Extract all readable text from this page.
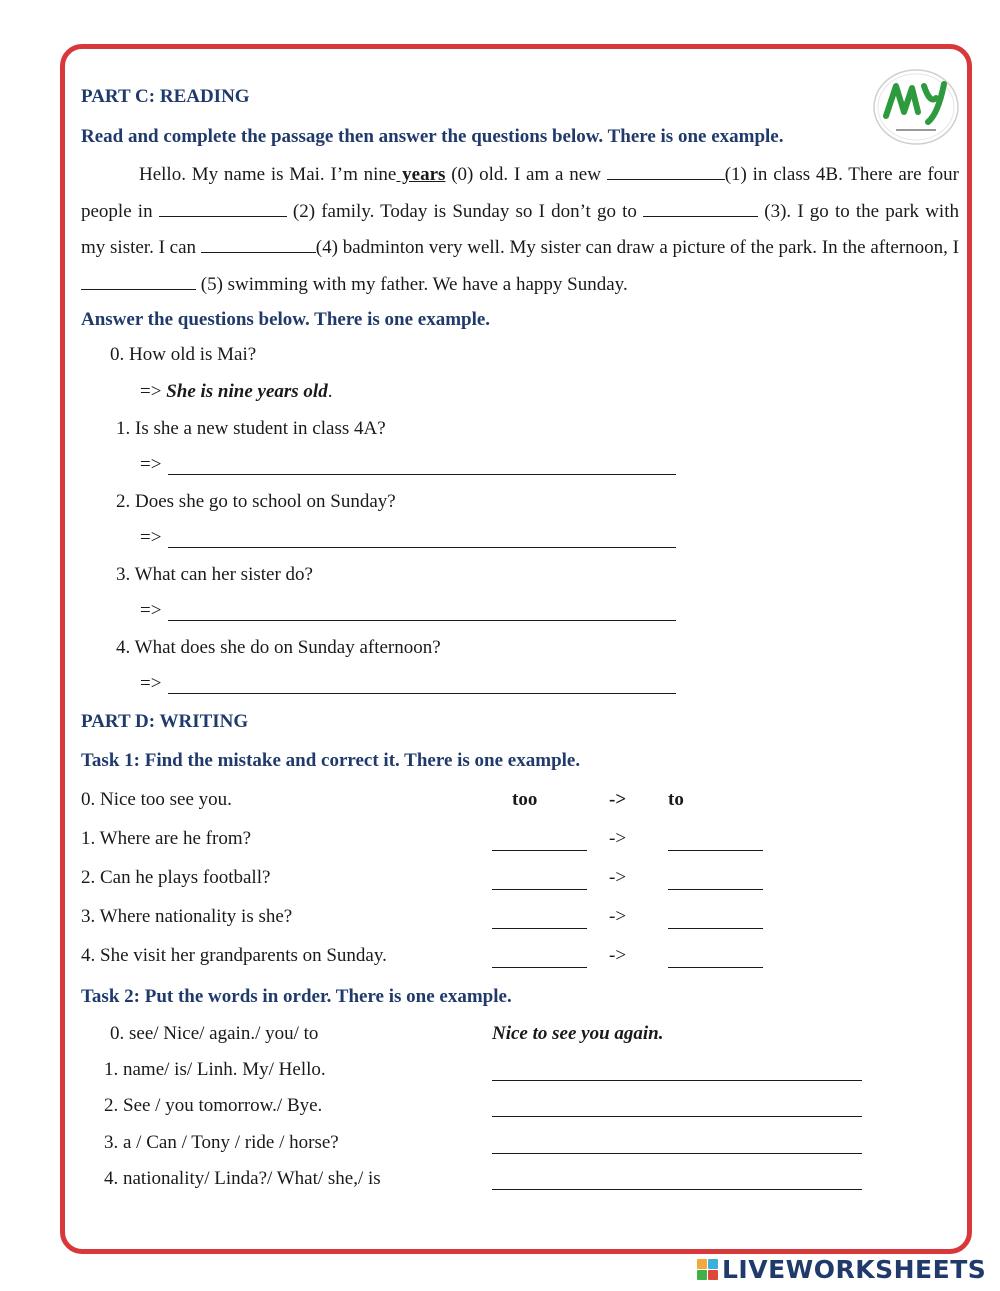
PART C: READING
Read and complete the passage then answer the questions below. There is one example.

Hello. My name is Mai. I’m nine years (0) old. I am a new	(1) in class 4B. There are four people in	(2) family. Today is Sunday so I don’t go to	(3). I go to the park with my sister. I can	(4) badminton very well. My sister can draw a picture of the park. In the afternoon, I  (5) swimming with my father. We have a happy Sunday.

Answer the questions below. There is one example.
0. How old is Mai?
=> She is nine years old.
1. Is she a new student in class 4A?
=>
2. Does she go to school on Sunday?
=>
3. What can her sister do?
=>
4. What does she do on Sunday afternoon?
=>
PART D: WRITING
Task 1: Find the mistake and correct it. There is one example.
0. Nice too see you.	too	-> to
1. Where are he from?	->
2. Can he plays football?	->
3. Where nationality is she?	->
4. She visit her grandparents on Sunday.	->
Task 2: Put the words in order. There is one example.
0. see/ Nice/ again./ you/ to	Nice to see you again.
1. name/ is/ Linh. My/ Hello.
2. See / you tomorrow./ Bye.
3. a / Can / Tony / ride / horse?
4. nationality/ Linda?/ What/ she,/ is
LIVEWORKSHEETS
